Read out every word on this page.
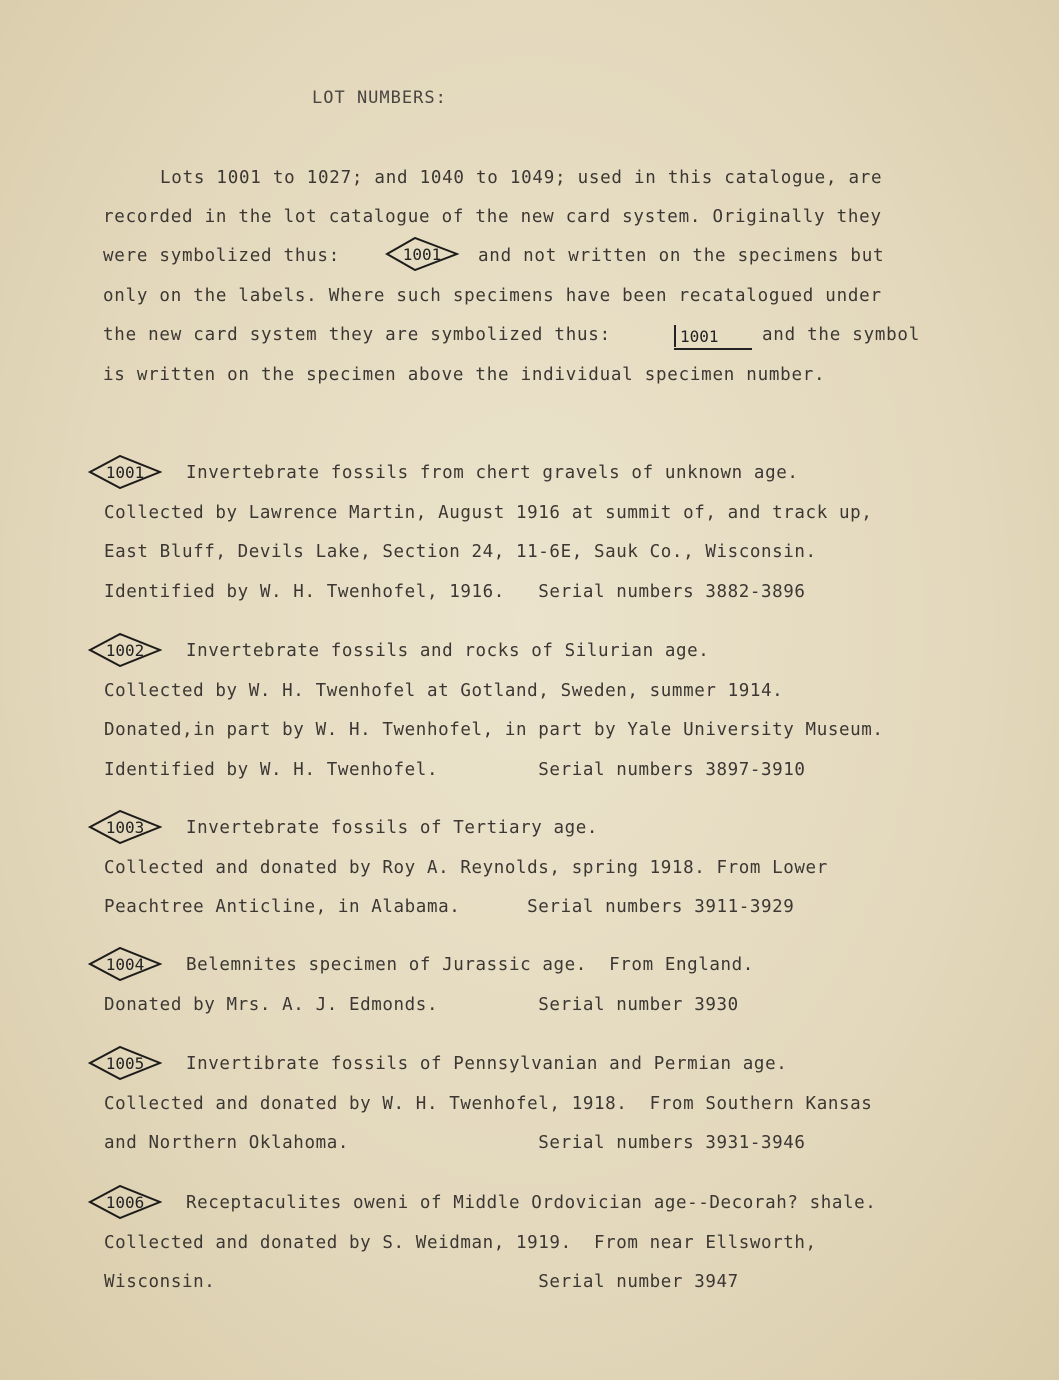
LOT NUMBERS:
Lots 1001 to 1027; and 1040 to 1049; used in this catalogue, are
recorded in the lot catalogue of the new card system. Originally they
were symbolized thus:	1001 and not written on the specimens but
only on the labels. Where such specimens have been recatalogued under
the new card system they are symbolized thus:	1001 and the symbol
is written on the specimen above the individual specimen number.
1001 Invertebrate fossils from chert gravels of unknown age.
Collected by Lawrence Martin, August 1916 at summit of, and track up,
East Bluff, Devils Lake, Section 24, 11-6E, Sauk Co., Wisconsin.
Identified by W. H. Twenhofel, 1916.   Serial numbers 3882-3896
1002 Invertebrate fossils and rocks of Silurian age.
Collected by W. H. Twenhofel at Gotland, Sweden, summer 1914.
Donated,in part by W. H. Twenhofel, in part by Yale University Museum.
Identified by W. H. Twenhofel.         Serial numbers 3897-3910
1003 Invertebrate fossils of Tertiary age.
Collected and donated by Roy A. Reynolds, spring 1918. From Lower
Peachtree Anticline, in Alabama.      Serial numbers 3911-3929
1004 Belemnites specimen of Jurassic age.  From England.
Donated by Mrs. A. J. Edmonds.         Serial number 3930
1005 Invertibrate fossils of Pennsylvanian and Permian age.
Collected and donated by W. H. Twenhofel, 1918.  From Southern Kansas
and Northern Oklahoma.                 Serial numbers 3931-3946
1006 Receptaculites oweni of Middle Ordovician age--Decorah? shale.
Collected and donated by S. Weidman, 1919.  From near Ellsworth,
Wisconsin.                             Serial number 3947
